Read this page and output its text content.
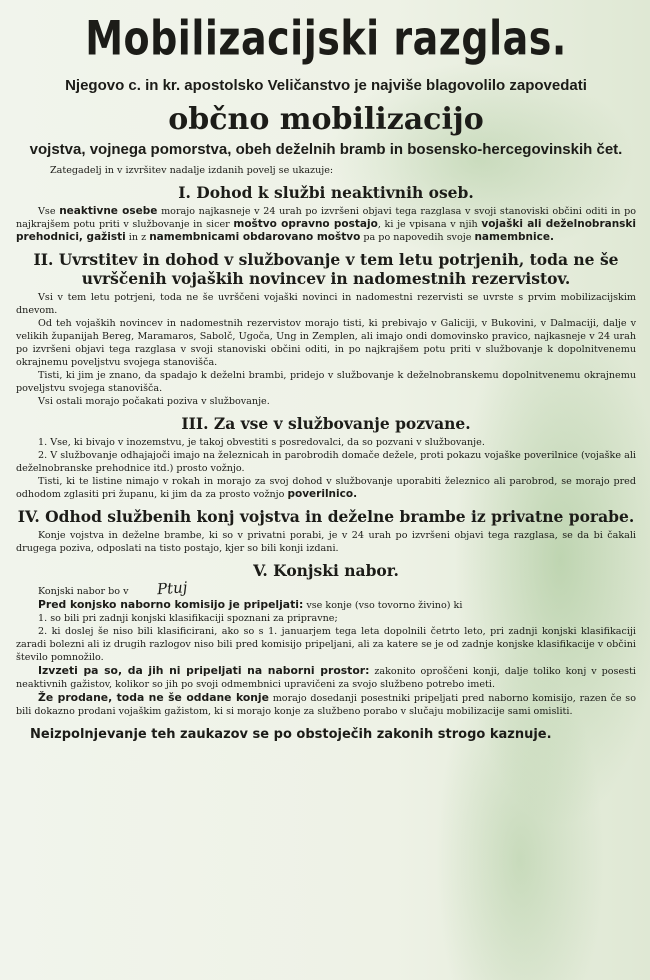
Mobilizacijski razglas.
Njegovo c. in kr. apostolsko Veličanstvo je najviše blagovolilo zapovedati
občno mobilizacijo
vojstva, vojnega pomorstva, obeh deželnih bramb in bosensko-hercegovinskih čet.

Zategadelj in v izvršitev nadalje izdanih povelj se ukazuje:

I. Dohod k službi neaktivnih oseb.

Vse neaktivne osebe morajo najkasneje v 24 urah po izvršeni objavi tega razglasa v svoji stanoviski občini oditi in po najkrajšem potu priti v službovanje in sicer moštvo opravno postajo, ki je vpisana v njih vojaški ali deželnobranski prehodnici, gažisti in z namembnicami obdarovano moštvo pa po napovedih svoje namembnice.

II. Uvrstitev in dohod v službovanje v tem letu potrjenih, toda ne še uvrščenih vojaških novincev in nadomestnih rezervistov.

Vsi v tem letu potrjeni, toda ne še uvrščeni vojaški novinci in nadomestni rezervisti se uvrste s prvim mobilizacijskim dnevom.

Od teh vojaških novincev in nadomestnih rezervistov morajo tisti, ki prebivajo v Galiciji, v Bukovini, v Dalmaciji, dalje v velikih županijah Bereg, Maramaros, Sabolč, Ugoča, Ung in Zemplen, ali imajo ondi domovinsko pravico, najkasneje v 24 urah po izvršeni objavi tega razglasa v svoji stanoviski občini oditi, in po najkrajšem potu priti v službovanje k dopolnitvenemu okrajnemu poveljstvu svojega stanovišča.

Tisti, ki jim je znano, da spadajo k deželni brambi, pridejo v službovanje k deželnobranskemu dopolnitvenemu okrajnemu poveljstvu svojega stanovišča.

Vsi ostali morajo počakati poziva v službovanje.

III. Za vse v službovanje pozvane.

1. Vse, ki bivajo v inozemstvu, je takoj obvestiti s posredovalci, da so pozvani v službovanje.

2. V službovanje odhajajoči imajo na železnicah in parobrodih domače dežele, proti pokazu vojaške poverilnice (vojaške ali deželnobranske prehodnice itd.) prosto vožnjo.

Tisti, ki te listine nimajo v rokah in morajo za svoj dohod v službovanje uporabiti železnico ali parobrod, se morajo pred odhodom zglasiti pri županu, ki jim da za prosto vožnjo poverilnico.

IV. Odhod službenih konj vojstva in deželne brambe iz privatne porabe.

Konje vojstva in deželne brambe, ki so v privatni porabi, je v 24 urah po izvršeni objavi tega razglasa, se da bi čakali drugega poziva, odposlati na tisto postajo, kjer so bili konji izdani.

V. Konjski nabor.

Konjski nabor bo v Ptuj

Pred konjsko naborno komisijo je pripeljati: vse konje (vso tovorno živino) ki

1. so bili pri zadnji konjski klasifikaciji spoznani za pripravne;

2. ki dosleј še niso bili klasificirani, ako so s 1. januarjem tega leta dopolnili četrto leto, pri zadnji konjski klasifikaciji zaradi bolezni ali iz drugih razlogov niso bili pred komisijo pripeljani, ali za katere se je od zadnje konjske klasifikacije v občini število pomnožilo.

Izvzeti pa so, da jih ni pripeljati na naborni prostor: zakonito oproščeni konji, dalje toliko konj v posesti neaktivnih gažistov, kolikor so jih po svoji odmembnici upravičeni za svojo službeno potrebo imeti.

Že prodane, toda ne še oddane konje morajo dosedanji posestniki pripeljati pred naborno komisijo, razen če so bili dokazno prodani vojaškim gažistom, ki si morajo konje za službeno porabo v slučaju mobilizacije sami omisliti.

Neizpolnjevanje teh zaukazov se po obstoječih zakonih strogo kaznuje.
